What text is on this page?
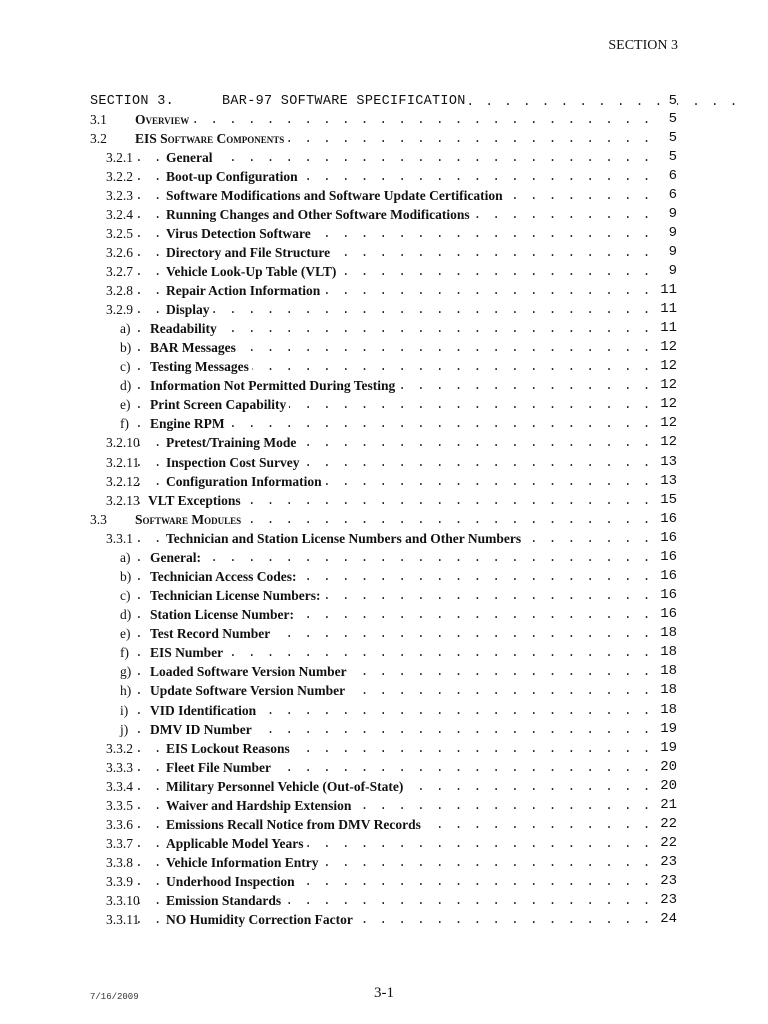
SECTION 3
SECTION 3.	BAR-97 SOFTWARE SPECIFICATION . . .	5
3.1 Overview . . .	5
3.2 EIS Software Components . . .	5
3.2.1 General . . .	5
3.2.2 Boot-up Configuration . . .	6
3.2.3 Software Modifications and Software Update Certification . . .	6
3.2.4 Running Changes and Other Software Modifications . . .	9
3.2.5 Virus Detection Software . . .	9
3.2.6 Directory and File Structure . . .	9
3.2.7 Vehicle Look-Up Table (VLT) . . .	9
3.2.8 Repair Action Information . . .	11
3.2.9 Display . . .	11
a) Readability . . .	11
b) BAR Messages . . .	12
c) Testing Messages . . .	12
d) Information Not Permitted During Testing . . .	12
e) Print Screen Capability . . .	12
f) Engine RPM . . .	12
3.2.10 Pretest/Training Mode . . .	12
3.2.11 Inspection Cost Survey . . .	13
3.2.12 Configuration Information . . .	13
3.2.13 VLT Exceptions . . .	15
3.3 Software Modules . . .	16
3.3.1 Technician and Station License Numbers and Other Numbers . . .	16
a) General: . . .	16
b) Technician Access Codes: . . .	16
c) Technician License Numbers: . . .	16
d) Station License Number: . . .	16
e) Test Record Number . . .	18
f) EIS Number . . .	18
g) Loaded Software Version Number . . .	18
h) Update Software Version Number . . .	18
i) VID Identification . . .	18
j) DMV ID Number . . .	19
3.3.2 EIS Lockout Reasons . . .	19
3.3.3 Fleet File Number . . .	20
3.3.4 Military Personnel Vehicle (Out-of-State) . . .	20
3.3.5 Waiver and Hardship Extension . . .	21
3.3.6 Emissions Recall Notice from DMV Records . . .	22
3.3.7 Applicable Model Years . . .	22
3.3.8 Vehicle Information Entry . . .	23
3.3.9 Underhood Inspection . . .	23
3.3.10 Emission Standards . . .	23
3.3.11 NO Humidity Correction Factor . . .	24
7/16/2009	3-1
